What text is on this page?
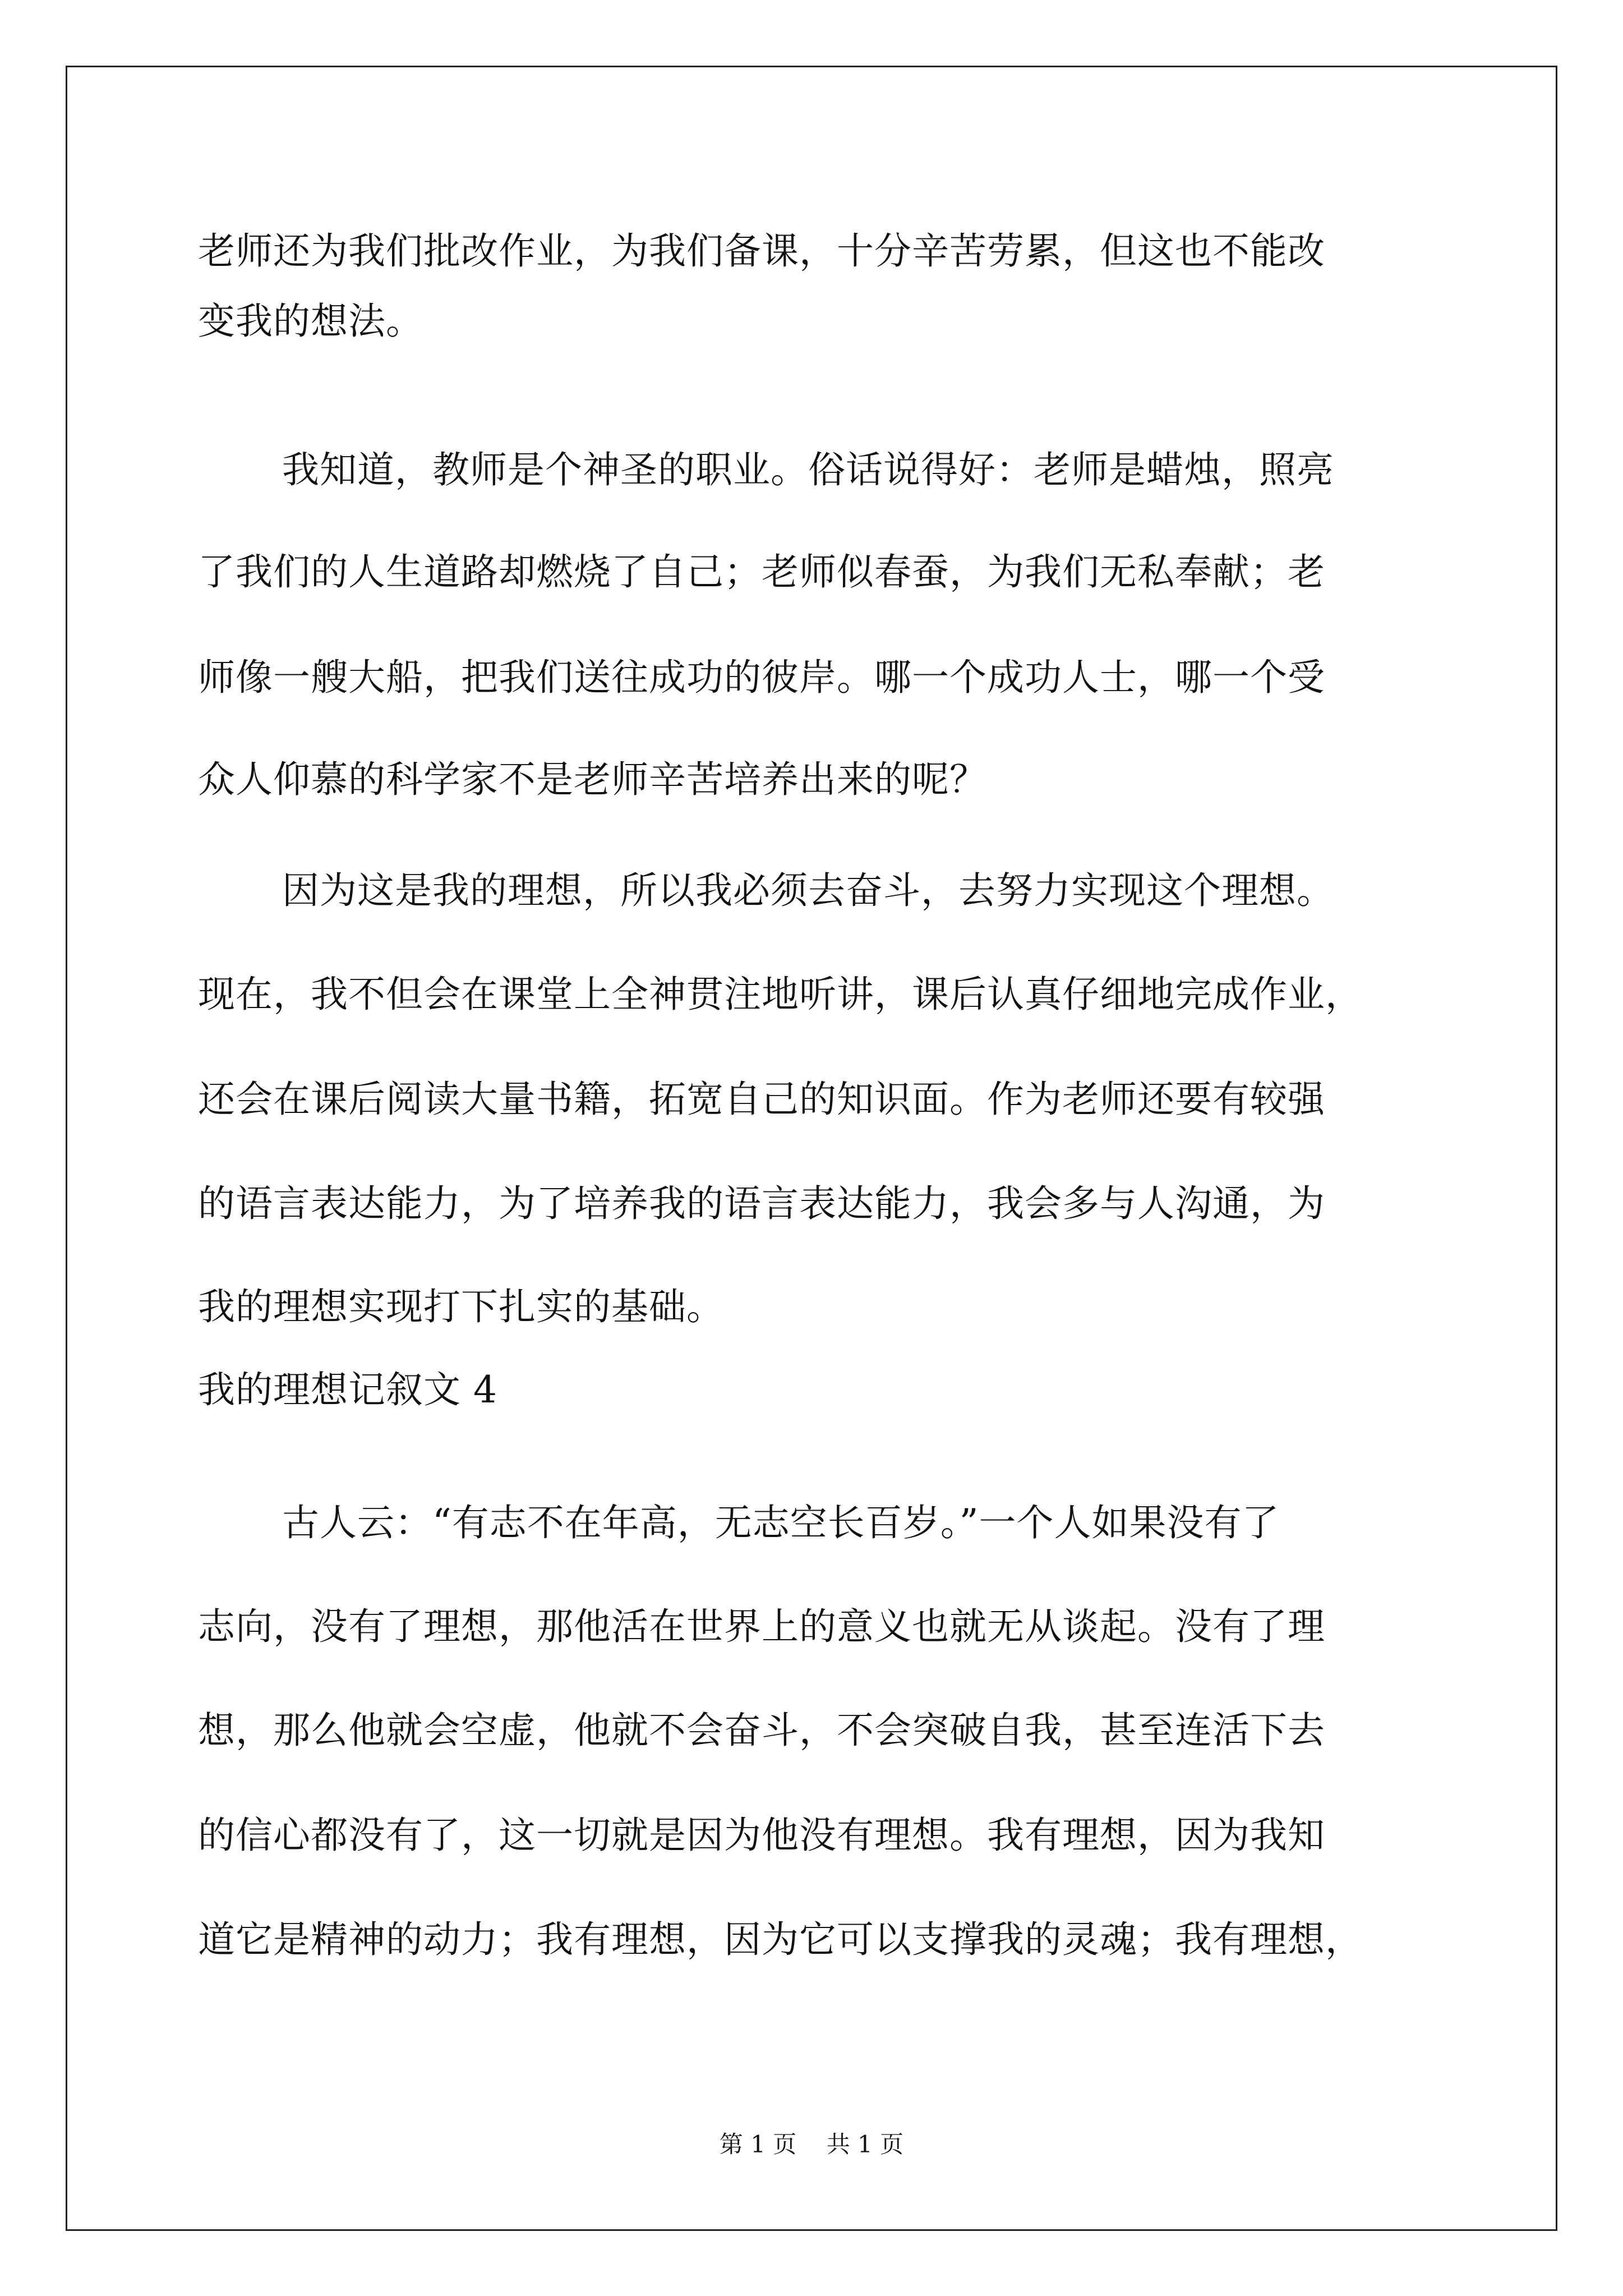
老师还为我们批改作业，为我们备课，十分辛苦劳累，但这也不能改
变我的想法。
我知道，教师是个神圣的职业。俗话说得好：老师是蜡烛，照亮
了我们的人生道路却燃烧了自己；老师似春蚕，为我们无私奉献；老
师像一艘大船，把我们送往成功的彼岸。哪一个成功人士，哪一个受
众人仰慕的科学家不是老师辛苦培养出来的呢？
因为这是我的理想，所以我必须去奋斗，去努力实现这个理想。
现在，我不但会在课堂上全神贯注地听讲，课后认真仔细地完成作业，
还会在课后阅读大量书籍，拓宽自己的知识面。作为老师还要有较强
的语言表达能力，为了培养我的语言表达能力，我会多与人沟通，为
我的理想实现打下扎实的基础。
我的理想记叙文 4
古人云：“有志不在年高，无志空长百岁。”一个人如果没有了
志向，没有了理想，那他活在世界上的意义也就无从谈起。没有了理
想，那么他就会空虚，他就不会奋斗，不会突破自我，甚至连活下去
的信心都没有了，这一切就是因为他没有理想。我有理想，因为我知
道它是精神的动力；我有理想，因为它可以支撑我的灵魂；我有理想，
第 1 页    共 1 页
